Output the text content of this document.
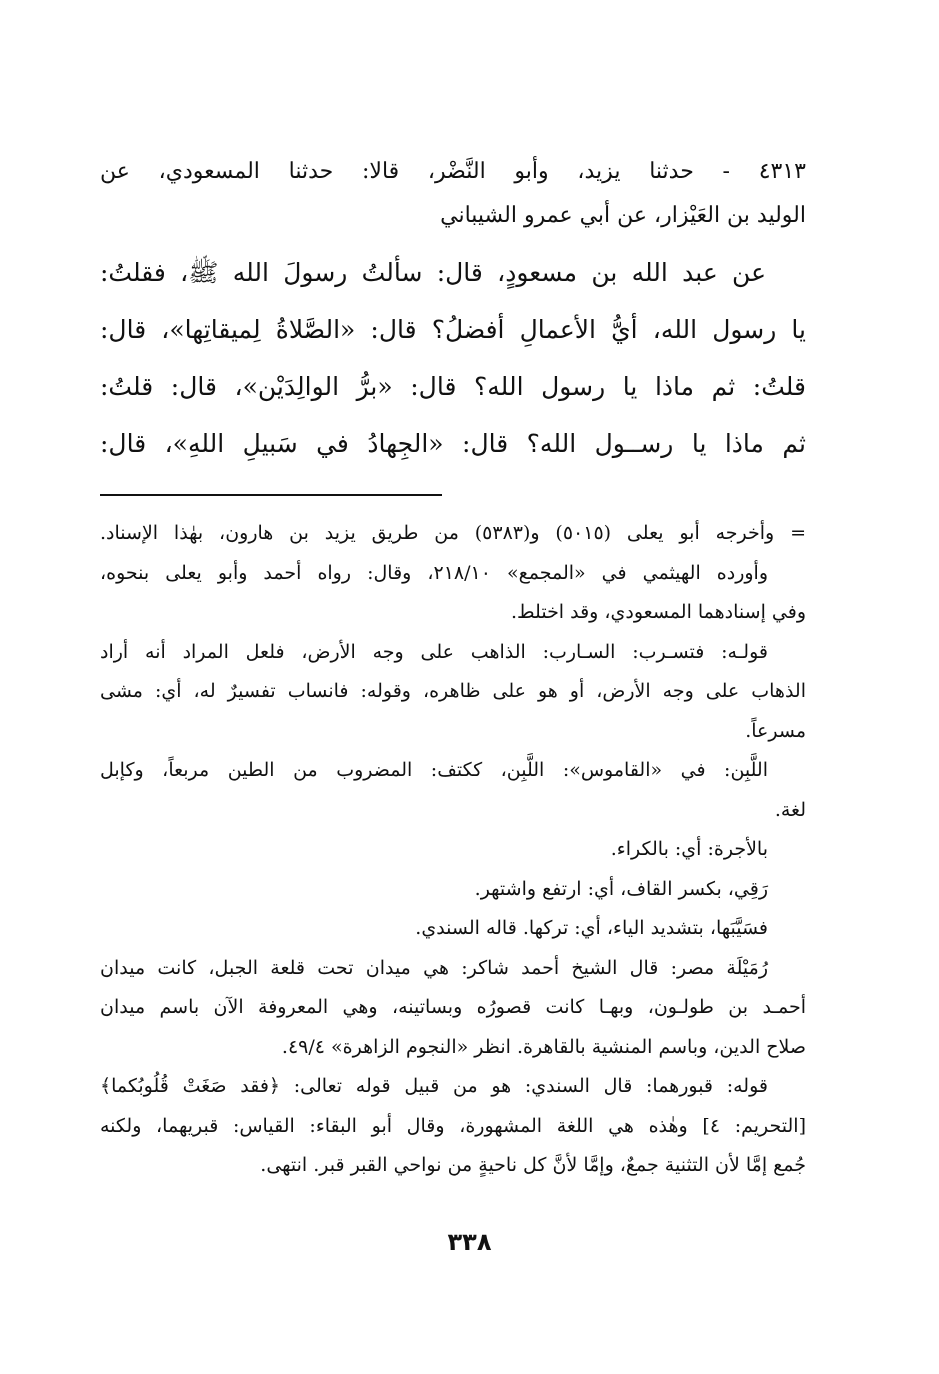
٤٣١٣ - حدثنا يزيد، وأبو النَّضْر، قالا: حدثنا المسعودي، عن
الوليد بن العَيْزار، عن أبي عمرو الشيباني
عن عبد الله بن مسعودٍ، قال: سألتُ رسولَ الله ﷺ، فقلتُ:
يا رسول الله، أيُّ الأعمالِ أفضلُ؟ قال: «الصَّلاةُ لِميقاتِها»، قال:
قلتُ: ثم ماذا يا رسول الله؟ قال: «برُّ الوالِدَيْن»، قال: قلتُ:
ثم ماذا يا رســول الله؟ قال: «الجِهادُ في سَبيلِ اللهِ»، قال:
= وأخرجه أبو يعلى (٥٠١٥) و(٥٣٨٣) من طريق يزيد بن هارون، بهٰذا الإسناد.
وأورده الهيثمي في «المجمع» ٢١٨/١٠، وقال: رواه أحمد وأبو يعلى بنحوه،
وفي إسنادهما المسعودي، وقد اختلط.
قولـه: فتسـرب: السـارب: الذاهب على وجه الأرض، فلعل المراد أنه أراد
الذهاب على وجه الأرض، أو هو على ظاهره، وقوله: فانساب تفسيرٌ له، أي: مشى
مسرعاً.
اللَّبِن: في «القاموس»: اللَّبِن، ككتف: المضروب من الطين مربعاً، وكإبل
لغة.
بالأجرة: أي: بالكراء.
رَقِي، بكسر القاف، أي: ارتفع واشتهر.
فسَيَّبَها، بتشديد الياء، أي: تركها. قاله السندي.
رُمَيْلَة مصر: قال الشيخ أحمد شاكر: هي ميدان تحت قلعة الجبل، كانت ميدان
أحمـد بن طولـون، وبهـا كانت قصورُه وبساتينه، وهي المعروفة الآن باسم ميدان
صلاح الدين، وباسم المنشية بالقاهرة. انظر «النجوم الزاهرة» ٤٩/٤.
قوله: قبورهما: قال السندي: هو من قبيل قوله تعالى: ﴿فقد صَغَتْ قُلُوبُكما﴾
[التحريم: ٤] وهٰذه هي اللغة المشهورة، وقال أبو البقاء: القياس: قبريهما، ولكنه
جُمع إمَّا لأن التثنية جمعٌ، وإمَّا لأنَّ كل ناحيةٍ من نواحي القبر قبر. انتهى.
٣٣٨
